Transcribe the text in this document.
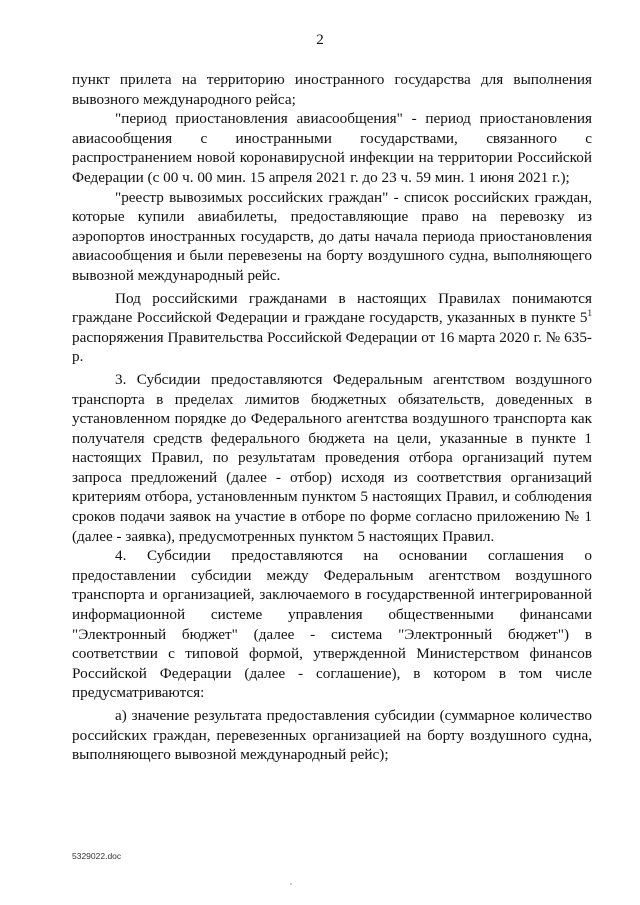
2

пункт прилета на территорию иностранного государства для выполнения вывозного международного рейса;

"период приостановления авиасообщения" - период приостановления авиасообщения с иностранными государствами, связанного с распространением новой коронавирусной инфекции на территории Российской Федерации (с 00 ч. 00 мин. 15 апреля 2021 г. до 23 ч. 59 мин. 1 июня 2021 г.);

"реестр вывозимых российских граждан" - список российских граждан, которые купили авиабилеты, предоставляющие право на перевозку из аэропортов иностранных государств, до даты начала периода приостановления авиасообщения и были перевезены на борту воздушного судна, выполняющего вывозной международный рейс.

Под российскими гражданами в настоящих Правилах понимаются граждане Российской Федерации и граждане государств, указанных в пункте $5^1$ распоряжения Правительства Российской Федерации от 16 марта 2020 г. № 635-р.

3. Субсидии предоставляются Федеральным агентством воздушного транспорта в пределах лимитов бюджетных обязательств, доведенных в установленном порядке до Федерального агентства воздушного транспорта как получателя средств федерального бюджета на цели, указанные в пункте 1 настоящих Правил, по результатам проведения отбора организаций путем запроса предложений (далее - отбор) исходя из соответствия организаций критериям отбора, установленным пунктом 5 настоящих Правил, и соблюдения сроков подачи заявок на участие в отборе по форме согласно приложению № 1 (далее - заявка), предусмотренных пунктом 5 настоящих Правил.

4. Субсидии предоставляются на основании соглашения о предоставлении субсидии между Федеральным агентством воздушного транспорта и организацией, заключаемого в государственной интегрированной информационной системе управления общественными финансами "Электронный бюджет" (далее - система "Электронный бюджет") в соответствии с типовой формой, утвержденной Министерством финансов Российской Федерации (далее - соглашение), в котором в том числе предусматриваются:

а) значение результата предоставления субсидии (суммарное количество российских граждан, перевезенных организацией на борту воздушного судна, выполняющего вывозной международный рейс);

5329022.doc
